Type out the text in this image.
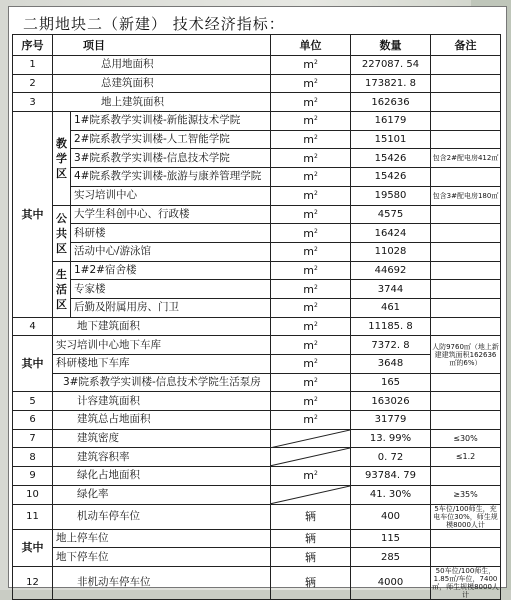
二期地块二（新建） 技术经济指标：
序号	项目		单位	数量	备注
1	总用地面积		$m^2$	227087. 54	
2	总建筑面积		$m^2$	173821. 8	
3	地上建筑面积		$m^2$	162636	
其中	教学区	1#院系教学实训楼-新能源技术学院	$m^2$	16179	
		2#院系教学实训楼-人工智能学院	$m^2$	15101	
		3#院系教学实训楼-信息技术学院	$m^2$	15426	包含2#配电房412㎡
		4#院系教学实训楼-旅游与康养管理学院	$m^2$	15426	
		实习培训中心	$m^2$	19580	包含3#配电房180㎡
	公共区	大学生科创中心、行政楼	$m^2$	4575	
		科研楼	$m^2$	16424	
		活动中心/游泳馆	$m^2$	11028	
	生活区	1#2#宿舍楼	$m^2$	44692	
		专家楼	$m^2$	3744	
		后勤及附属用房、门卫	$m^2$	461	
4	地下建筑面积		$m^2$	11185. 8	
其中	实习培训中心地下车库		$m^2$	7372. 8	人防9760㎡（地上新建建筑面积162636㎡的6%）
	科研楼地下车库		$m^2$	3648	
	3#院系教学实训楼-信息技术学院生活泵房		$m^2$	165	
5	计容建筑面积		$m^2$	163026	
6	建筑总占地面积		$m^2$	31779	
7	建筑密度			13. 99%	≤30%
8	建筑容积率			0. 72	≤1.2
9	绿化占地面积		$m^2$	93784. 79	
10	绿化率			41. 30%	≥35%
11	机动车停车位		辆	400	5车位/100师生，充电车位30%，师生规模8000人计
其中	地上停车位		辆	115	
	地下停车位		辆	285	
12	非机动车停车位		辆	4000	50车位/100师生，1.85㎡/车位，7400㎡，师生规模8000人计
